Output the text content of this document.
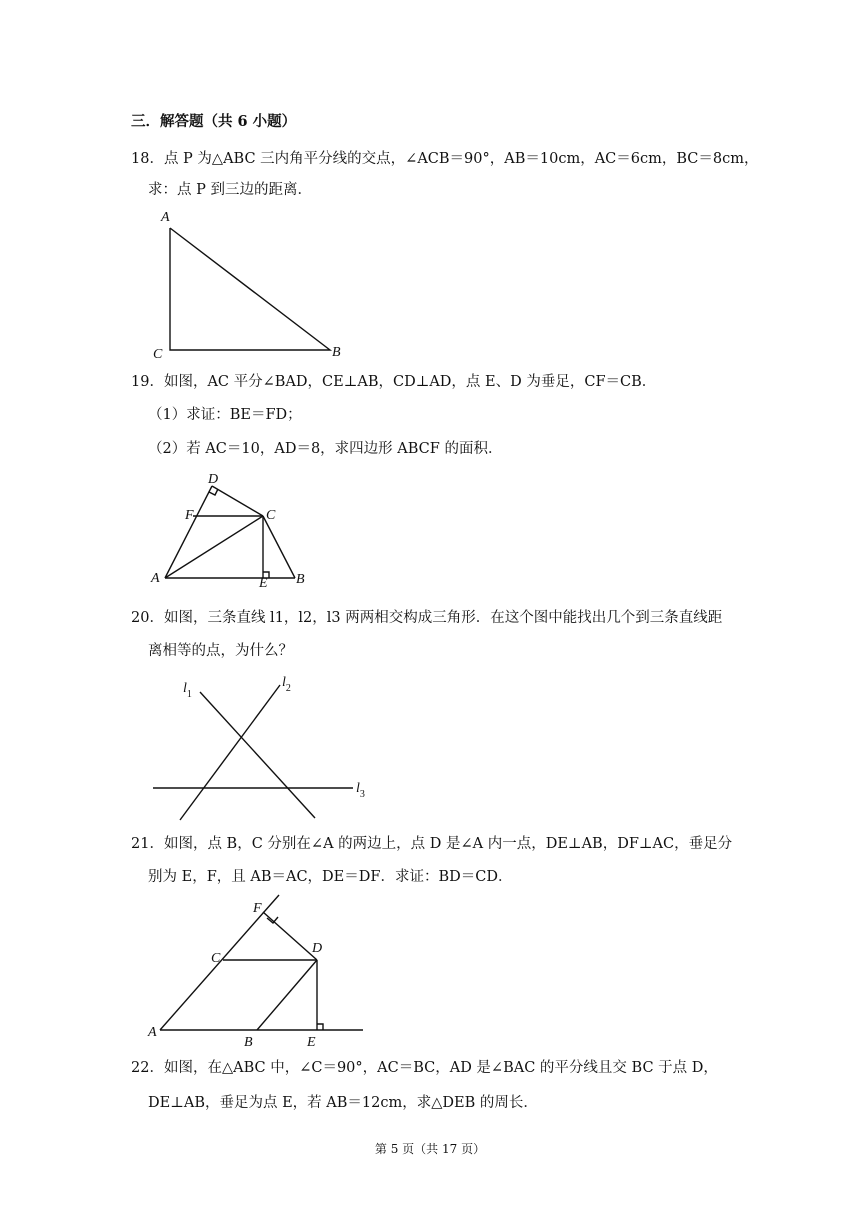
三．解答题（共 6 小题）
18．点 P 为△ABC 三内角平分线的交点，∠ACB＝90°，AB＝10cm，AC＝6cm，BC＝8cm，
求：点 P 到三边的距离．
A
C	B
19．如图，AC 平分∠BAD，CE⊥AB，CD⊥AD，点 E、D 为垂足，CF＝CB．
（1）求证：BE＝FD；
（2）若 AC＝10，AD＝8，求四边形 ABCF 的面积．
D
F	C
A	E B
20．如图，三条直线 l1，l2，l3 两两相交构成三角形．在这个图中能找出几个到三条直线距
离相等的点，为什么？
$l_1$
$l_2$
$l_3$
21．如图，点 B，C 分别在∠A 的两边上，点 D 是∠A 内一点，DE⊥AB，DF⊥AC，垂足分
别为 E，F，且 AB＝AC，DE＝DF．求证：BD＝CD．
F
C
D
A
B	E
22．如图，在△ABC 中，∠C＝90°，AC＝BC，AD 是∠BAC 的平分线且交 BC 于点 D，
DE⊥AB，垂足为点 E，若 AB＝12cm，求△DEB 的周长．
第 5 页（共 17 页）
